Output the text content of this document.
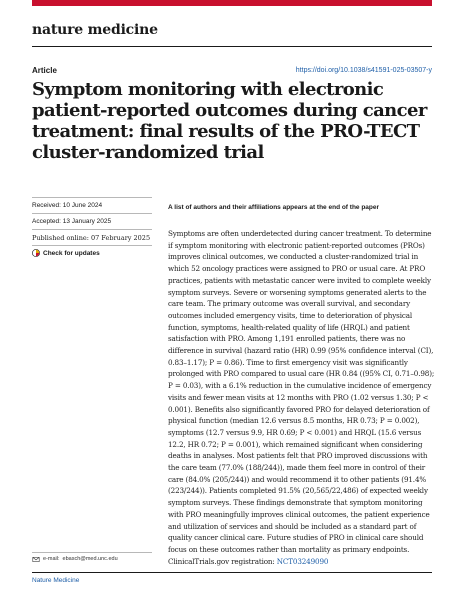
nature medicine
Article	https://doi.org/10.1038/s41591-025-03507-y
Symptom monitoring with electronic patient-reported outcomes during cancer treatment: final results of the PRO-TECT cluster-randomized trial
Received: 10 June 2024
Accepted: 13 January 2025
Published online: 07 February 2025
Check for updates
A list of authors and their affiliations appears at the end of the paper

Symptoms are often underdetected during cancer treatment. To determine if symptom monitoring with electronic patient-reported outcomes (PROs) improves clinical outcomes, we conducted a cluster-randomized trial in which 52 oncology practices were assigned to PRO or usual care. At PRO practices, patients with metastatic cancer were invited to complete weekly symptom surveys. Severe or worsening symptoms generated alerts to the care team. The primary outcome was overall survival, and secondary outcomes included emergency visits, time to deterioration of physical function, symptoms, health-related quality of life (HRQL) and patient satisfaction with PRO. Among 1,191 enrolled patients, there was no difference in survival (hazard ratio (HR) 0.99 (95% confidence interval (CI), 0.83–1.17); P = 0.86). Time to first emergency visit was significantly prolonged with PRO compared to usual care (HR 0.84 ((95% CI, 0.71–0.98); P = 0.03), with a 6.1% reduction in the cumulative incidence of emergency visits and fewer mean visits at 12 months with PRO (1.02 versus 1.30; P < 0.001). Benefits also significantly favored PRO for delayed deterioration of physical function (median 12.6 versus 8.5 months, HR 0.73; P = 0.002), symptoms (12.7 versus 9.9, HR 0.69; P < 0.001) and HRQL (15.6 versus 12.2, HR 0.72; P = 0.001), which remained significant when considering deaths in analyses. Most patients felt that PRO improved discussions with the care team (77.0% (188/244)), made them feel more in control of their care (84.0% (205/244)) and would recommend it to other patients (91.4% (223/244)). Patients completed 91.5% (20,565/22,486) of expected weekly symptom surveys. These findings demonstrate that symptom monitoring with PRO meaningfully improves clinical outcomes, the patient experience and utilization of services and should be included as a standard part of quality cancer clinical care. Future studies of PRO in clinical care should focus on these outcomes rather than mortality as primary endpoints. ClinicalTrials.gov registration: NCT03249090

e-mail: ebasch@med.unc.edu
Nature Medicine
